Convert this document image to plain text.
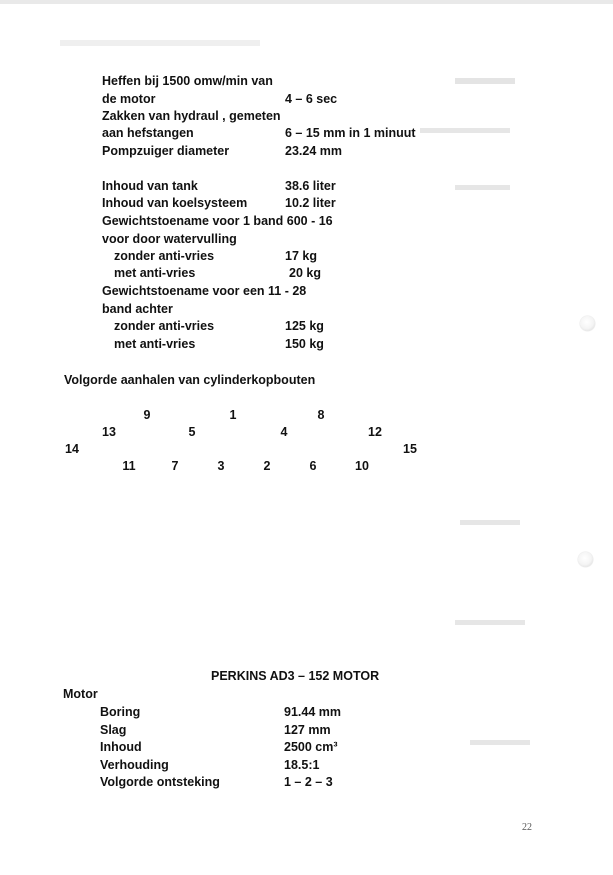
Heffen bij 1500 omw/min van
de motor	4 – 6 sec
Zakken van hydraul , gemeten
aan hefstangen	6 – 15 mm in 1 minuut
Pompzuiger diameter	23.24 mm
Inhoud van tank	38.6 liter
Inhoud van koelsysteem	10.2 liter
Gewichtstoename voor 1 band 600 - 16
voor door watervulling
zonder anti-vries	17 kg
met anti-vries	20 kg
Gewichtstoename voor een 11 - 28
band achter
zonder anti-vries	125 kg
met anti-vries	150 kg
Volgorde aanhalen van cylinderkopbouten
9	1	8
13	5	4	12
14	15
11	7	3	2	6	10
PERKINS AD3 – 152 MOTOR
Motor
Boring	91.44 mm
Slag	127 mm
Inhoud	2500 cm³
Verhouding	18.5:1
Volgorde ontsteking	1 – 2 – 3
22
